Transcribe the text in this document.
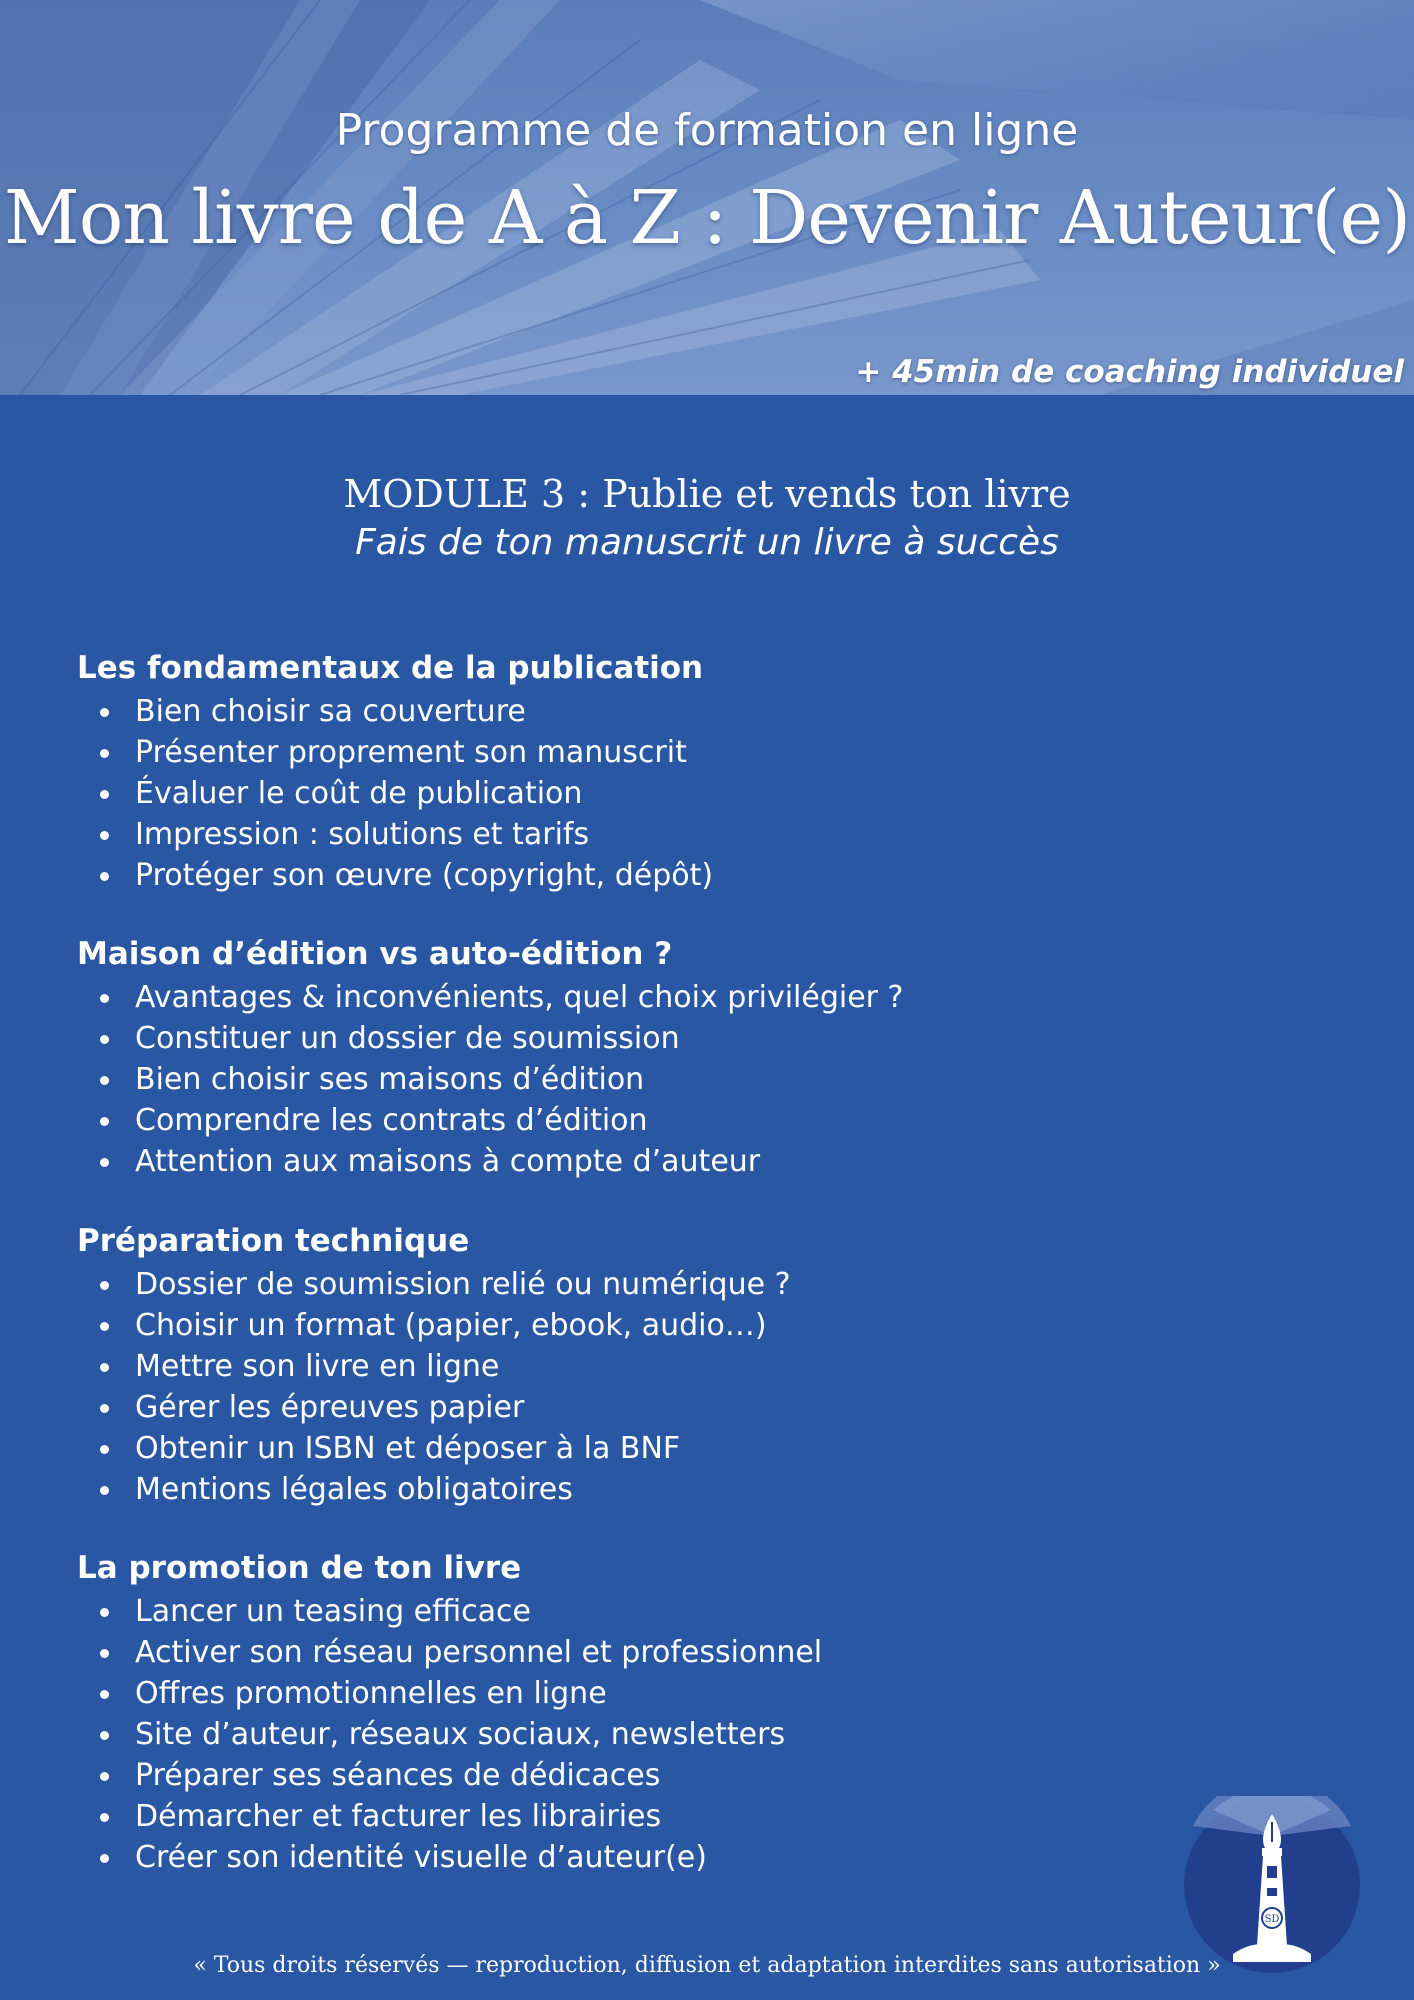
Programme de formation en ligne
Mon livre de A à Z : Devenir Auteur(e)
+ 45min de coaching individuel
MODULE 3 : Publie et vends ton livre
Fais de ton manuscrit un livre à succès
Les fondamentaux de la publication
Bien choisir sa couverture
Présenter proprement son manuscrit
Évaluer le coût de publication
Impression : solutions et tarifs
Protéger son œuvre (copyright, dépôt)
Maison d’édition vs auto-édition ?
Avantages & inconvénients, quel choix privilégier ?
Constituer un dossier de soumission
Bien choisir ses maisons d’édition
Comprendre les contrats d’édition
Attention aux maisons à compte d’auteur
Préparation technique
Dossier de soumission relié ou numérique ?
Choisir un format (papier, ebook, audio…)
Mettre son livre en ligne
Gérer les épreuves papier
Obtenir un ISBN et déposer à la BNF
Mentions légales obligatoires
La promotion de ton livre
Lancer un teasing efficace
Activer son réseau personnel et professionnel
Offres promotionnelles en ligne
Site d’auteur, réseaux sociaux, newsletters
Préparer ses séances de dédicaces
Démarcher et facturer les librairies
Créer son identité visuelle d’auteur(e)
SD
« Tous droits réservés — reproduction, diffusion et adaptation interdites sans autorisation »
